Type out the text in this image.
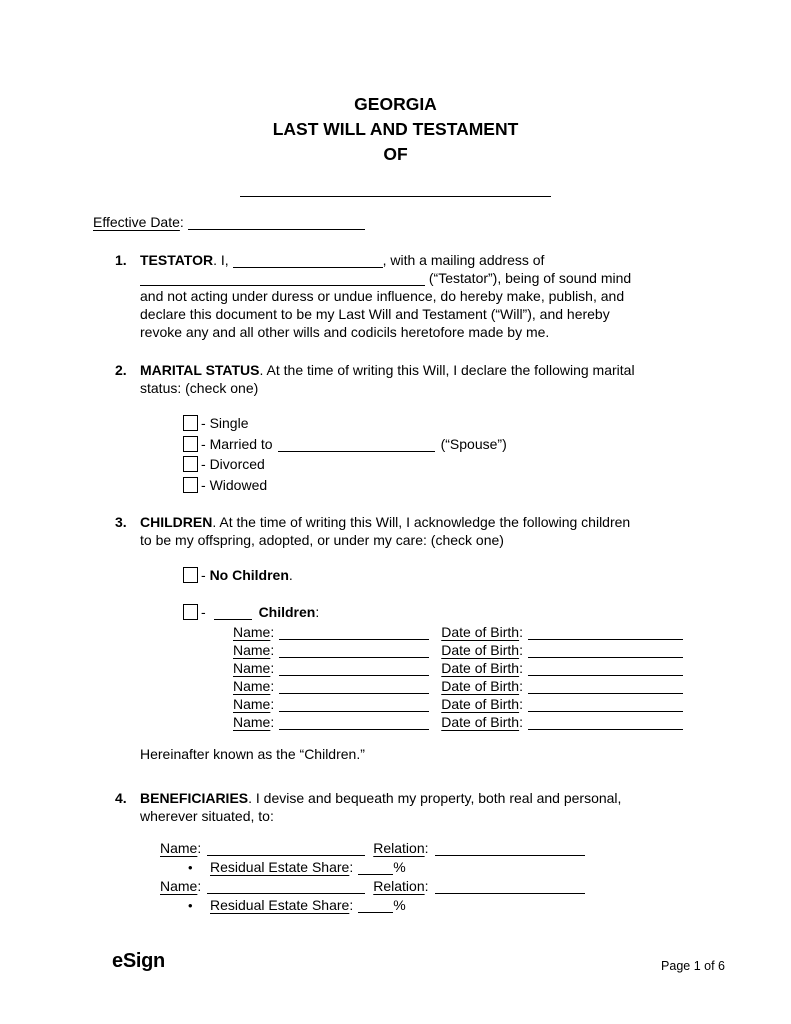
GEORGIA
LAST WILL AND TESTAMENT
OF
Effective Date:
1. TESTATOR. I,	, with a mailing address of
(“Testator”), being of sound mind
and not acting under duress or undue influence, do hereby make, publish, and
declare this document to be my Last Will and Testament (“Will”), and hereby
revoke any and all other wills and codicils heretofore made by me.
2. MARITAL STATUS. At the time of writing this Will, I declare the following marital
status: (check one)
- Single
- Married to	(“Spouse”)
- Divorced
- Widowed
3. CHILDREN. At the time of writing this Will, I acknowledge the following children
to be my offspring, adopted, or under my care: (check one)
- No Children.
-	Children:
Name:	Date of Birth:
Name:	Date of Birth:
Name:	Date of Birth:
Name:	Date of Birth:
Name:	Date of Birth:
Name:	Date of Birth:
Hereinafter known as the “Children.”
4. BENEFICIARIES. I devise and bequeath my property, both real and personal,
wherever situated, to:
Name:	Relation:
• Residual Estate Share:	%
Name:	Relation:
• Residual Estate Share:	%
eSign	Page 1 of 6
